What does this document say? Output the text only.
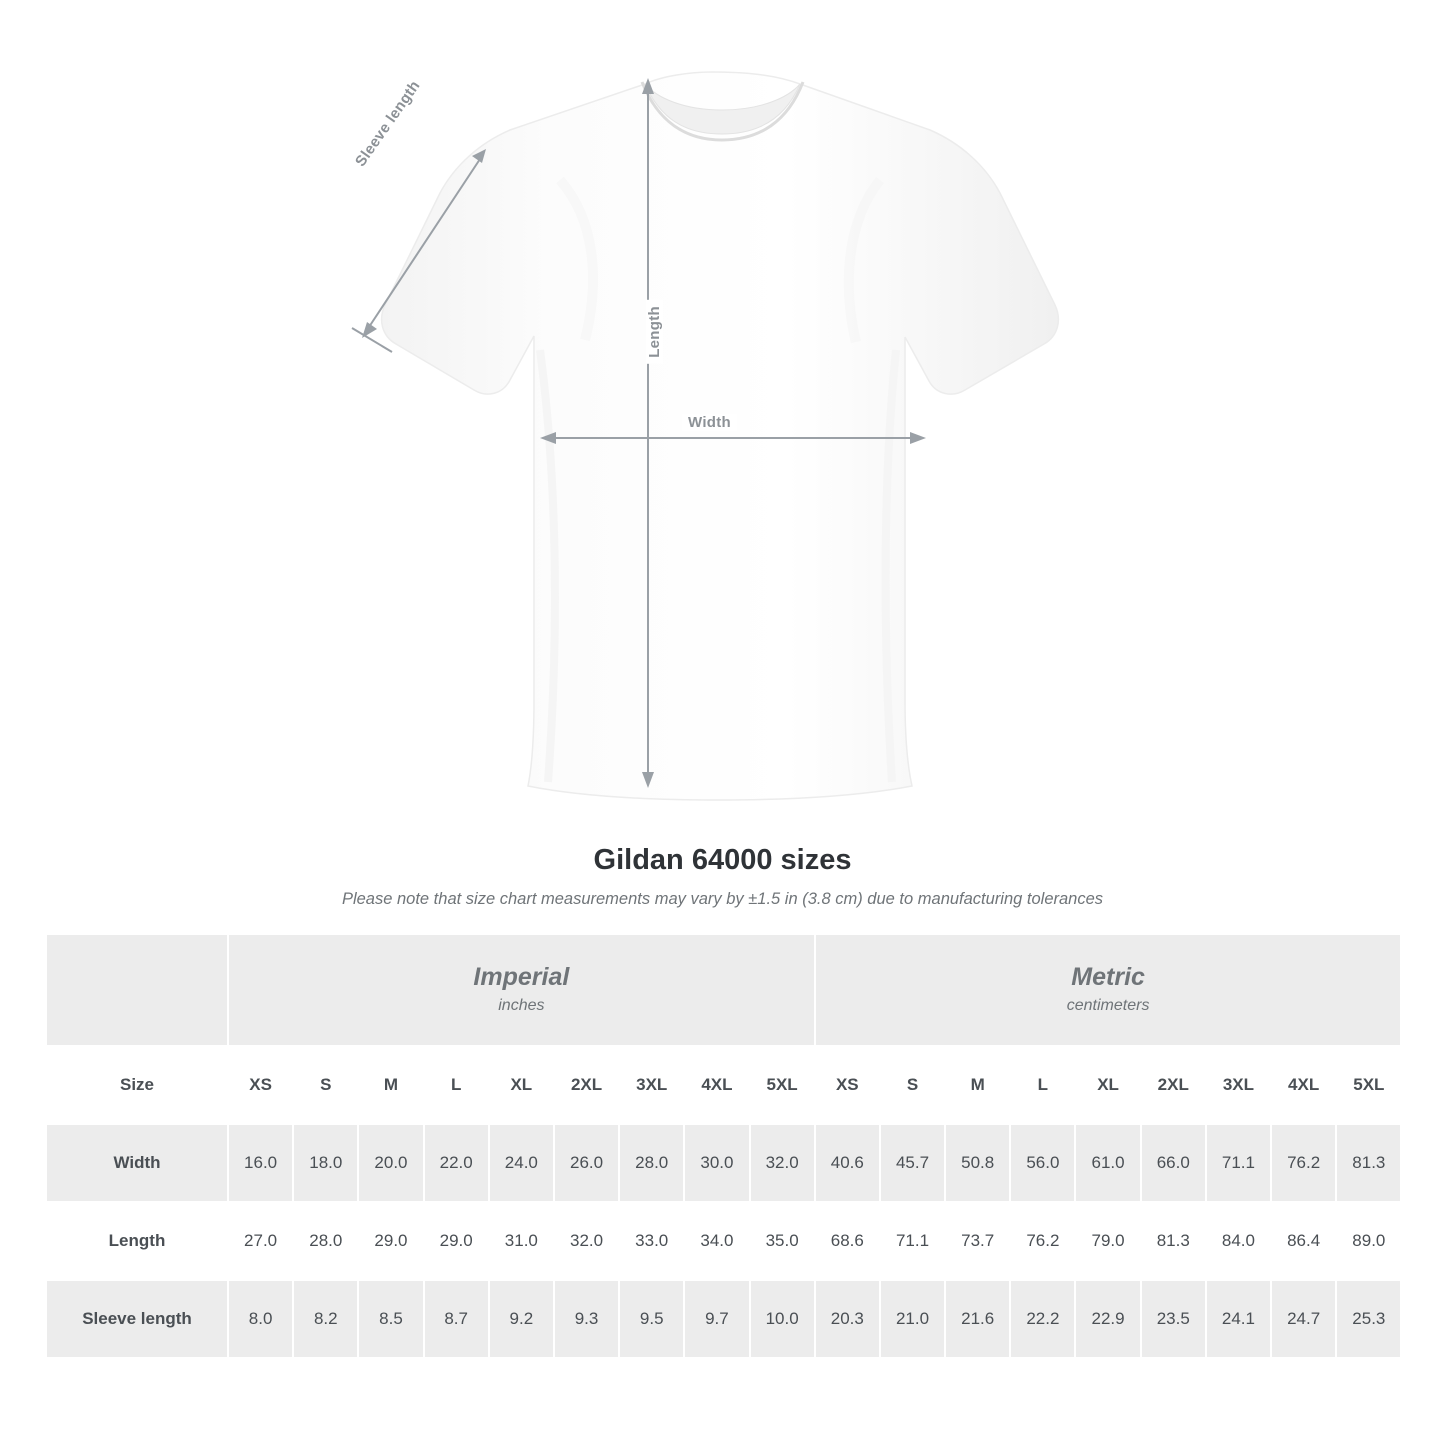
Width
Length
Sleeve length
Gildan 64000 sizes

Please note that size chart measurements may vary by ±1.5 in (3.8 cm) due to manufacturing tolerances

Imperial
inches

Metric
centimeters

Size	XS	S	M	L	XL	2XL	3XL	4XL	5XL	XS	S	M	L	XL	2XL	3XL	4XL	5XL
Width	16.0	18.0	20.0	22.0	24.0	26.0	28.0	30.0	32.0	40.6	45.7	50.8	56.0	61.0	66.0	71.1	76.2	81.3
Length	27.0	28.0	29.0	29.0	31.0	32.0	33.0	34.0	35.0	68.6	71.1	73.7	76.2	79.0	81.3	84.0	86.4	89.0
Sleeve length	8.0	8.2	8.5	8.7	9.2	9.3	9.5	9.7	10.0	20.3	21.0	21.6	22.2	22.9	23.5	24.1	24.7	25.3
